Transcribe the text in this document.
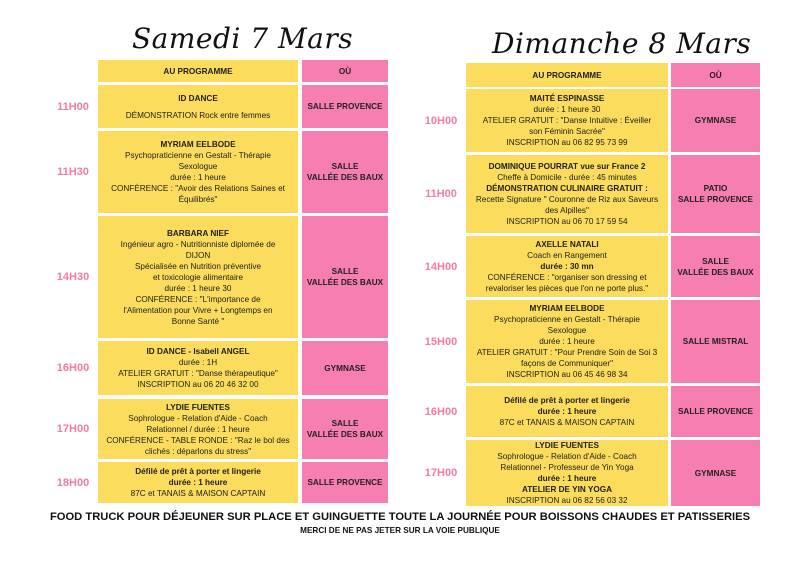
Samedi 7 Mars
AU PROGRAMME	OÙ
11H00
ID DANCE
DÉMONSTRATION Rock entre femmes
SALLE PROVENCE
11H30
MYRIAM EELBODE
Psychopraticienne en Gestalt - Thérapie
Sexologue
durée : 1 heure
CONFÉRENCE : "Avoir des Relations Saines et
Équilibrés"
SALLE
VALLÉE DES BAUX
14H30
BARBARA NIEF
Ingénieur agro - Nutritionniste diplomée de
DIJON
Spécialisée en Nutrition préventive
et toxicologie alimentaire
durée : 1 heure 30
CONFÉRENCE : "L'importance de
l'Alimentation pour Vivre + Longtemps en
Bonne Santé "
SALLE
VALLÉE DES BAUX
16H00
ID DANCE - Isabell ANGEL
durée : 1H
ATELIER GRATUIT : "Danse thérapeutique"
INSCRIPTION au 06 20 46 32 00
GYMNASE
17H00
LYDIE FUENTES
Sophrologue - Relation d'Aide - Coach
Relationnel / durée : 1 heure
CONFÉRENCE - TABLE RONDE : "Raz le bol des
clichés : déparlons du stress"
SALLE
VALLÉE DES BAUX
18H00
Défilé de prêt à porter et lingerie
durée : 1 heure
87C et TANAIS & MAISON CAPTAIN
SALLE PROVENCE
Dimanche 8 Mars
AU PROGRAMME	OÙ
10H00
MAITÉ ESPINASSE
durée : 1 heure 30
ATELIER GRATUIT : "Danse Intuitive : Éveiller
son Féminin Sacrée"
INSCRIPTION au 06 82 95 73 99
GYMNASE
11H00
DOMINIQUE POURRAT vue sur France 2
Cheffe à Domicile - durée : 45 minutes
DÉMONSTRATION CULINAIRE GRATUIT :
Recette Signature " Couronne de Riz aux Saveurs
des Alpilles"
INSCRIPTION au 06 70 17 59 54
PATIO
SALLE PROVENCE
14H00
AXELLE NATALI
Coach en Rangement
durée : 30 mn
CONFÉRENCE : "organiser son dressing et
revaloriser les pièces que l'on ne porte plus."
SALLE
VALLÉE DES BAUX
15H00
MYRIAM EELBODE
Psychopraticienne en Gestalt - Thérapie
Sexologue
durée : 1 heure
ATELIER GRATUIT : "Pour Prendre Soin de Soi 3
façons de Communiquer"
INSCRIPTION au 06 45 46 98 34
SALLE MISTRAL
16H00
Défilé de prêt à porter et lingerie
durée : 1 heure
87C et TANAIS & MAISON CAPTAIN
SALLE PROVENCE
17H00
LYDIE FUENTES
Sophrologue - Relation d'Aide - Coach
Relationnel - Professeur de Yin Yoga
durée : 1 heure
ATELIER DE YIN YOGA
INSCRIPTION au 06 82 56 03 32
GYMNASE
FOOD TRUCK POUR DÉJEUNER SUR PLACE ET GUINGUETTE TOUTE LA JOURNÉE POUR BOISSONS CHAUDES ET PATISSERIES
MERCI DE NE PAS JETER SUR LA VOIE PUBLIQUE
